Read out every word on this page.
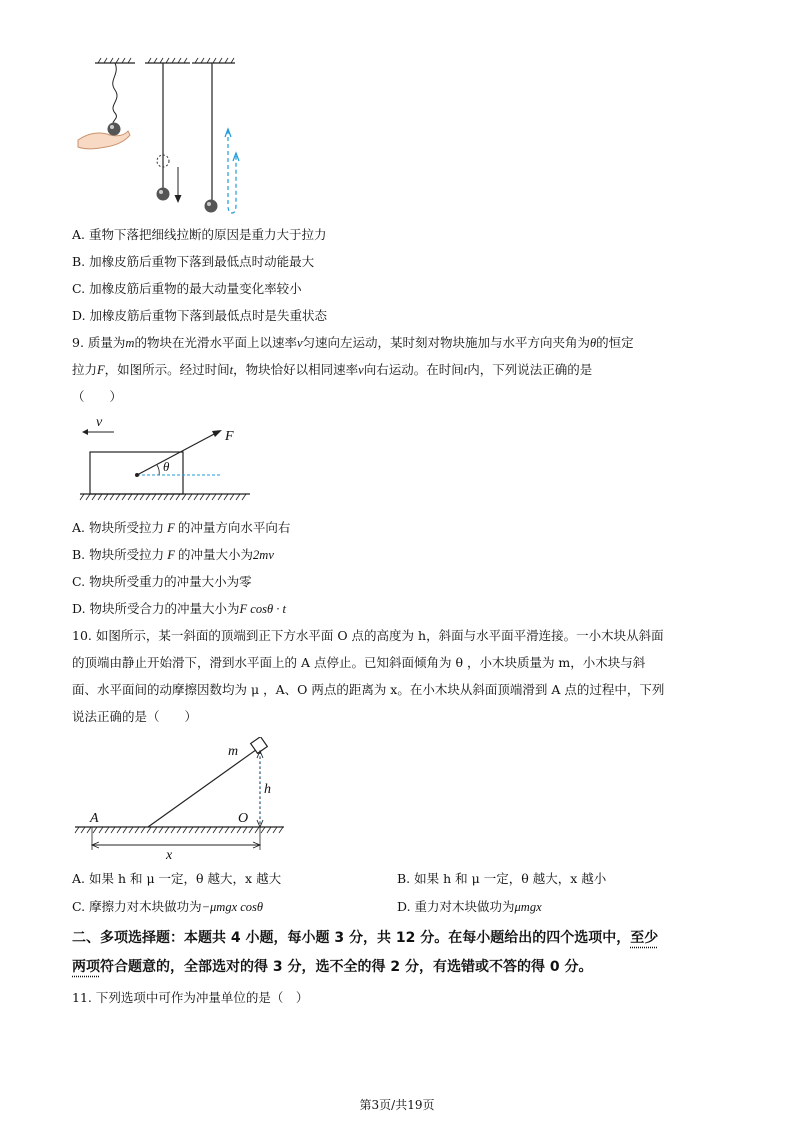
A. 重物下落把细线拉断的原因是重力大于拉力
B. 加橡皮筋后重物下落到最低点时动能最大
C. 加橡皮筋后重物的最大动量变化率较小
D. 加橡皮筋后重物下落到最低点时是失重状态
9. 质量为m的物块在光滑水平面上以速率v匀速向左运动，某时刻对物块施加与水平方向夹角为θ的恒定
拉力F，如图所示。经过时间t，物块恰好以相同速率v向右运动。在时间t内，下列说法正确的是
（　　）
v
θ
F
A. 物块所受拉力 F 的冲量方向水平向右
B. 物块所受拉力 F 的冲量大小为2mv
C. 物块所受重力的冲量大小为零
D. 物块所受合力的冲量大小为F cosθ · t
10. 如图所示，某一斜面的顶端到正下方水平面 O 点的高度为 h，斜面与水平面平滑连接。一小木块从斜面
的顶端由静止开始滑下，滑到水平面上的 A 点停止。已知斜面倾角为 θ ，小木块质量为 m，小木块与斜
面、水平面间的动摩擦因数均为 μ ，A、O 两点的距离为 x。在小木块从斜面顶端滑到 A 点的过程中，下列
说法正确的是（　　）
m
h
A	O
x
A. 如果 h 和 μ 一定，θ 越大，x 越大	B. 如果 h 和 μ 一定，θ 越大，x 越小
C. 摩擦力对木块做功为−μmgx cosθ	D. 重力对木块做功为μmgx
二、多项选择题：本题共 4 小题，每小题 3 分，共 12 分。在每小题给出的四个选项中，至少
两项符合题意的，全部选对的得 3 分，选不全的得 2 分，有选错或不答的得 0 分。
11. 下列选项中可作为冲量单位的是（　）
第3页/共19页
